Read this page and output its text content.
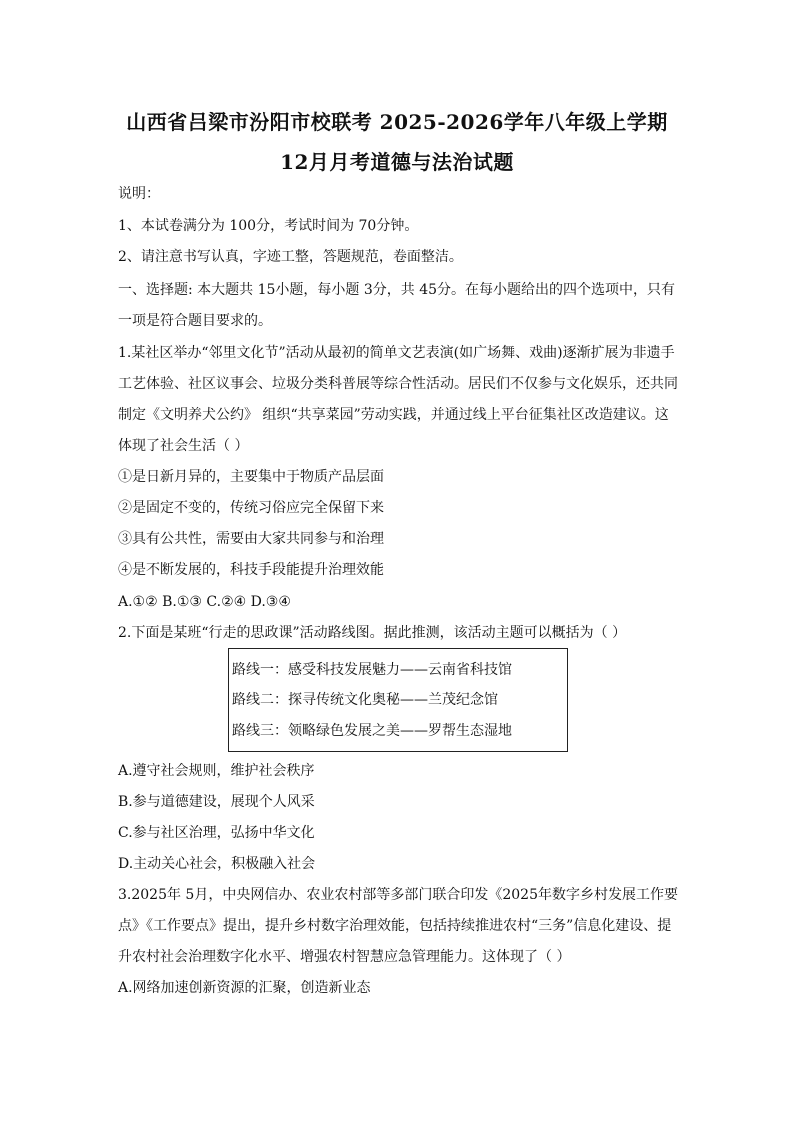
山西省吕梁市汾阳市校联考 2025-2026学年八年级上学期
12月月考道德与法治试题
说明：
1、本试卷满分为 100分，考试时间为 70分钟。
2、请注意书写认真，字迹工整，答题规范，卷面整洁。
一、选择题: 本大题共 15小题，每小题 3分，共 45分。在每小题给出的四个选项中，只有
一项是符合题目要求的。
1.某社区举办“邻里文化节”活动从最初的简单文艺表演(如广场舞、戏曲)逐渐扩展为非遗手
工艺体验、社区议事会、垃圾分类科普展等综合性活动。居民们不仅参与文化娱乐，还共同
制定《文明养犬公约》 组织“共享菜园”劳动实践，并通过线上平台征集社区改造建议。这
体现了社会生活（ ）
①是日新月异的，主要集中于物质产品层面
②是固定不变的，传统习俗应完全保留下来
③具有公共性，需要由大家共同参与和治理
④是不断发展的，科技手段能提升治理效能
A.①② B.①③ C.②④ D.③④
2.下面是某班“行走的思政课”活动路线图。据此推测，该活动主题可以概括为（ ）
路线一：感受科技发展魅力——云南省科技馆
路线二：探寻传统文化奥秘——兰茂纪念馆
路线三：领略绿色发展之美——罗帮生态湿地
A.遵守社会规则，维护社会秩序
B.参与道德建设，展现个人风采
C.参与社区治理，弘扬中华文化
D.主动关心社会，积极融入社会
3.2025年 5月，中央网信办、农业农村部等多部门联合印发《2025年数字乡村发展工作要
点》《工作要点》提出，提升乡村数字治理效能，包括持续推进农村“三务”信息化建设、提
升农村社会治理数字化水平、增强农村智慧应急管理能力。这体现了（ ）
A.网络加速创新资源的汇聚，创造新业态
